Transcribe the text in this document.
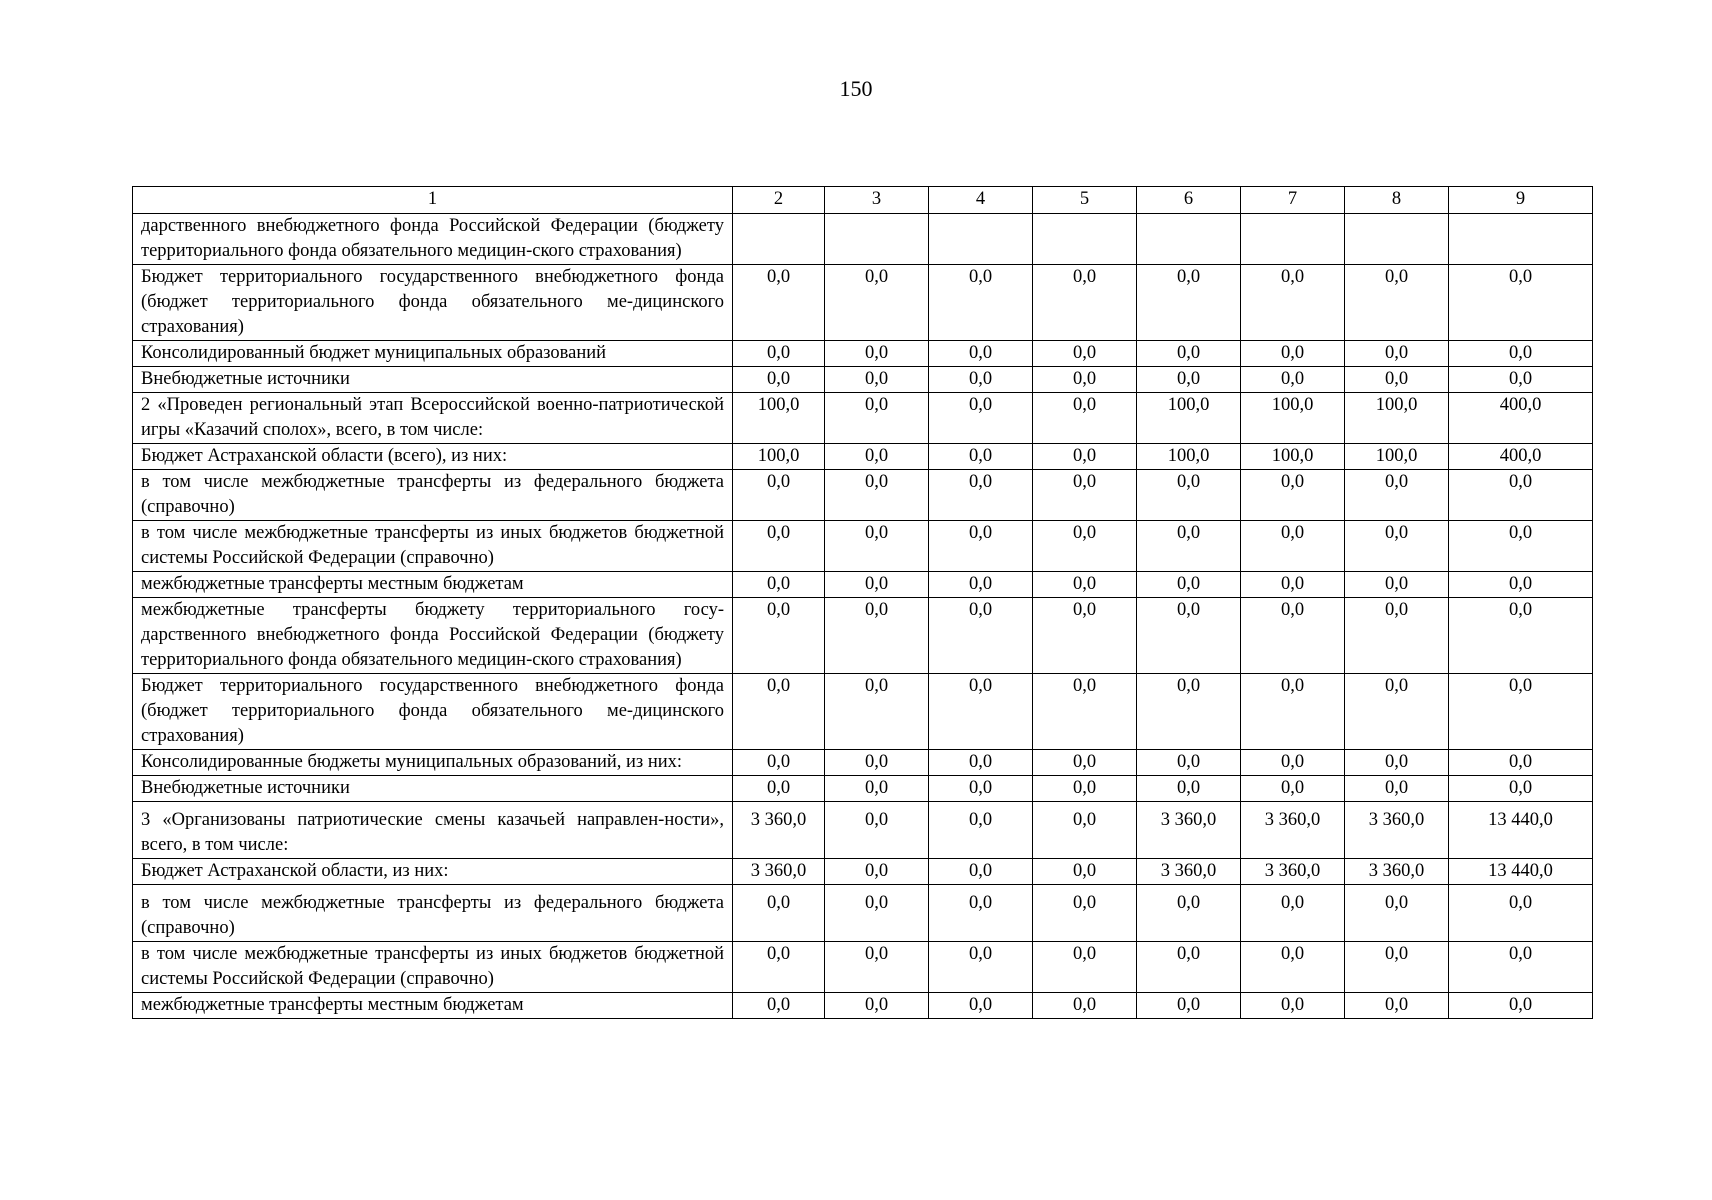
150
1	2	3	4	5	6	7	8	9
дарственного внебюджетного фонда Российской Федерации (бюджету территориального фонда обязательного медицин-ского страхования)								
Бюджет территориального государственного внебюджетного фонда (бюджет территориального фонда обязательного ме-дицинского страхования)	0,0	0,0	0,0	0,0	0,0	0,0	0,0	0,0
Консолидированный бюджет муниципальных образований	0,0	0,0	0,0	0,0	0,0	0,0	0,0	0,0
Внебюджетные источники	0,0	0,0	0,0	0,0	0,0	0,0	0,0	0,0
2 «Проведен региональный этап Всероссийской военно-патриотической игры «Казачий сполох», всего, в том числе:	100,0	0,0	0,0	0,0	100,0	100,0	100,0	400,0
Бюджет Астраханской области (всего), из них:	100,0	0,0	0,0	0,0	100,0	100,0	100,0	400,0
в том числе межбюджетные трансферты из федерального бюджета (справочно)	0,0	0,0	0,0	0,0	0,0	0,0	0,0	0,0
в том числе межбюджетные трансферты из иных бюджетов бюджетной системы Российской Федерации (справочно)	0,0	0,0	0,0	0,0	0,0	0,0	0,0	0,0
межбюджетные трансферты местным бюджетам	0,0	0,0	0,0	0,0	0,0	0,0	0,0	0,0
межбюджетные трансферты бюджету территориального госу-дарственного внебюджетного фонда Российской Федерации (бюджету территориального фонда обязательного медицин-ского страхования)	0,0	0,0	0,0	0,0	0,0	0,0	0,0	0,0
Бюджет территориального государственного внебюджетного фонда (бюджет территориального фонда обязательного ме-дицинского страхования)	0,0	0,0	0,0	0,0	0,0	0,0	0,0	0,0
Консолидированные бюджеты муниципальных образований, из них:	0,0	0,0	0,0	0,0	0,0	0,0	0,0	0,0
Внебюджетные источники	0,0	0,0	0,0	0,0	0,0	0,0	0,0	0,0
3 «Организованы патриотические смены казачьей направлен-ности», всего, в том числе:	3 360,0	0,0	0,0	0,0	3 360,0	3 360,0	3 360,0	13 440,0
Бюджет Астраханской области, из них:	3 360,0	0,0	0,0	0,0	3 360,0	3 360,0	3 360,0	13 440,0
в том числе межбюджетные трансферты из федерального бюджета (справочно)	0,0	0,0	0,0	0,0	0,0	0,0	0,0	0,0
в том числе межбюджетные трансферты из иных бюджетов бюджетной системы Российской Федерации (справочно)	0,0	0,0	0,0	0,0	0,0	0,0	0,0	0,0
межбюджетные трансферты местным бюджетам	0,0	0,0	0,0	0,0	0,0	0,0	0,0	0,0
